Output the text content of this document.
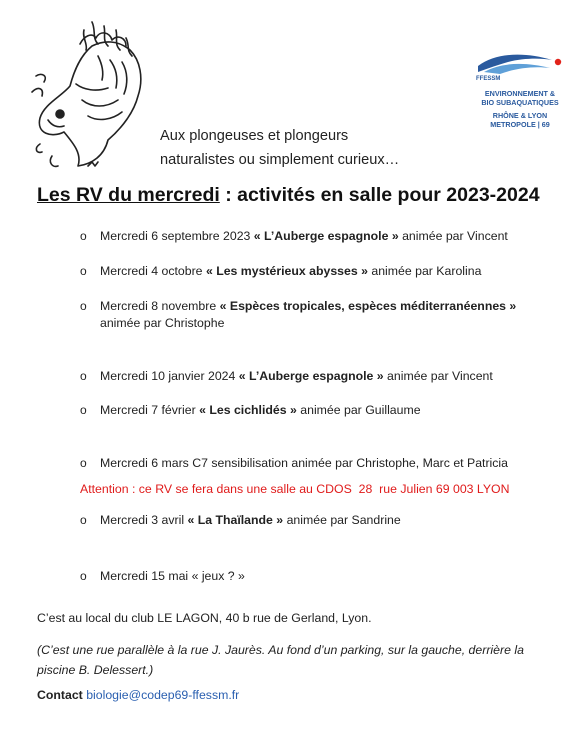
FFESSM
ENVIRONNEMENT &
BIO SUBAQUATIQUES
RHÔNE & LYON
METROPOLE | 69
Aux plongeuses et plongeurs
naturalistes ou simplement curieux…
Les RV du mercredi : activités en salle pour 2023-2024
o Mercredi 6 septembre 2023 « L’Auberge espagnole » animée par Vincent
o Mercredi 4 octobre « Les mystérieux abysses » animée par Karolina
o Mercredi 8 novembre « Espèces tropicales, espèces méditerranéennes » animée par Christophe
o Mercredi 10 janvier 2024 « L’Auberge espagnole » animée par Vincent
o Mercredi 7 février « Les cichlidés » animée par Guillaume
o Mercredi 6 mars C7 sensibilisation animée par Christophe, Marc et Patricia
Attention : ce RV se fera dans une salle au CDOS  28  rue Julien 69 003 LYON
o Mercredi 3 avril « La Thaïlande » animée par Sandrine
o Mercredi 15 mai « jeux ? »
C’est au local du club LE LAGON, 40 b rue de Gerland, Lyon.
(C’est une rue parallèle à la rue J. Jaurès. Au fond d’un parking, sur la gauche, derrière la piscine B. Delessert.)
Contact biologie@codep69-ffessm.fr
